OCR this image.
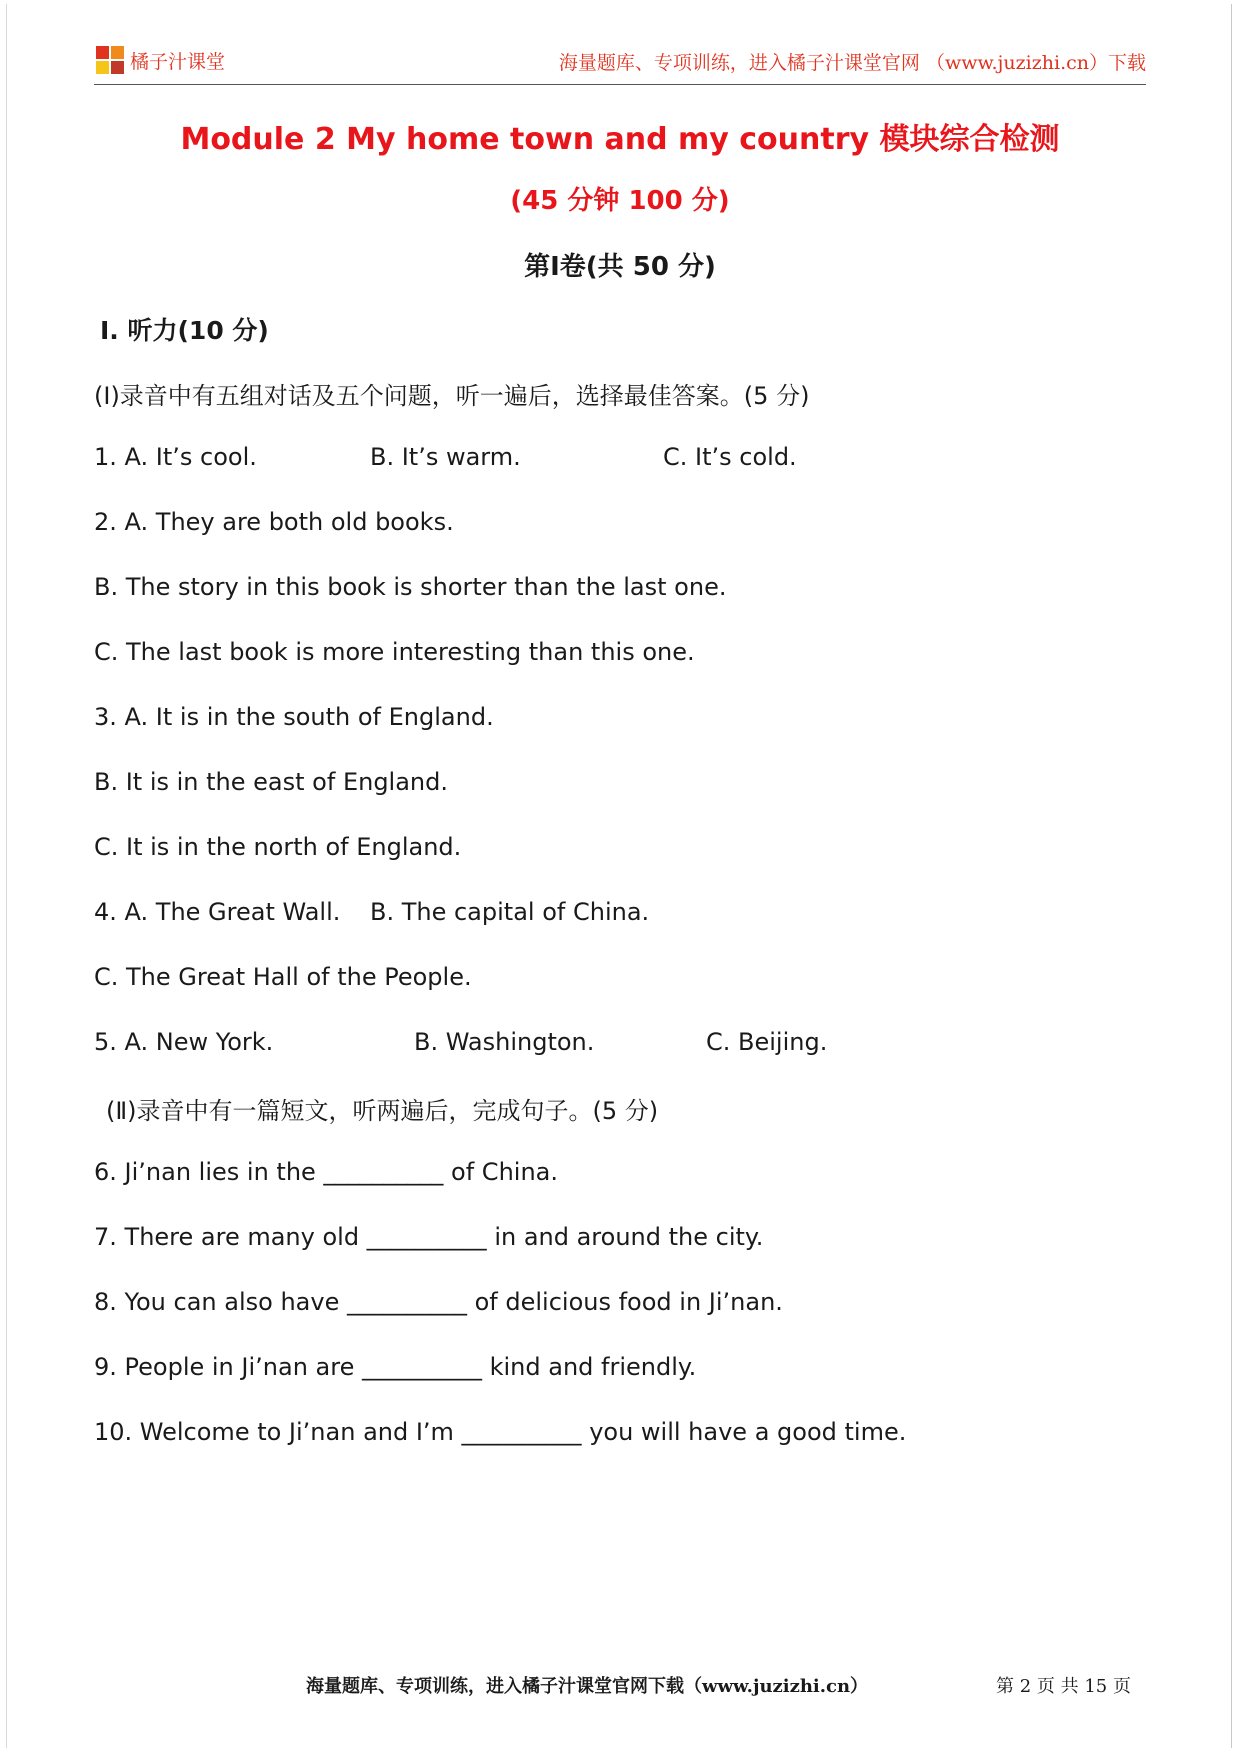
橘子汁课堂	海量题库、专项训练，进入橘子汁课堂官网 （www.juzizhi.cn）下载
Module 2 My home town and my country 模块综合检测
(45 分钟 100 分)
第Ⅰ卷(共 50 分)
Ⅰ. 听力(10 分)
(Ⅰ)录音中有五组对话及五个问题，听一遍后，选择最佳答案。(5 分)
1. A. It’s cool.	B. It’s warm.	C. It’s cold.
2. A. They are both old books.
B. The story in this book is shorter than the last one.
C. The last book is more interesting than this one.
3. A. It is in the south of England.
B. It is in the east of England.
C. It is in the north of England.
4. A. The Great Wall. B. The capital of China.
C. The Great Hall of the People.
5. A. New York.	B. Washington.	C. Beijing.
(Ⅱ)录音中有一篇短文，听两遍后，完成句子。(5 分)
6. Ji’nan lies in the __________ of China.
7. There are many old __________ in and around the city.
8. You can also have __________ of delicious food in Ji’nan.
9. People in Ji’nan are __________ kind and friendly.
10. Welcome to Ji’nan and I’m __________ you will have a good time.
海量题库、专项训练，进入橘子汁课堂官网下载（www.juzizhi.cn）	第 2 页 共 15 页
